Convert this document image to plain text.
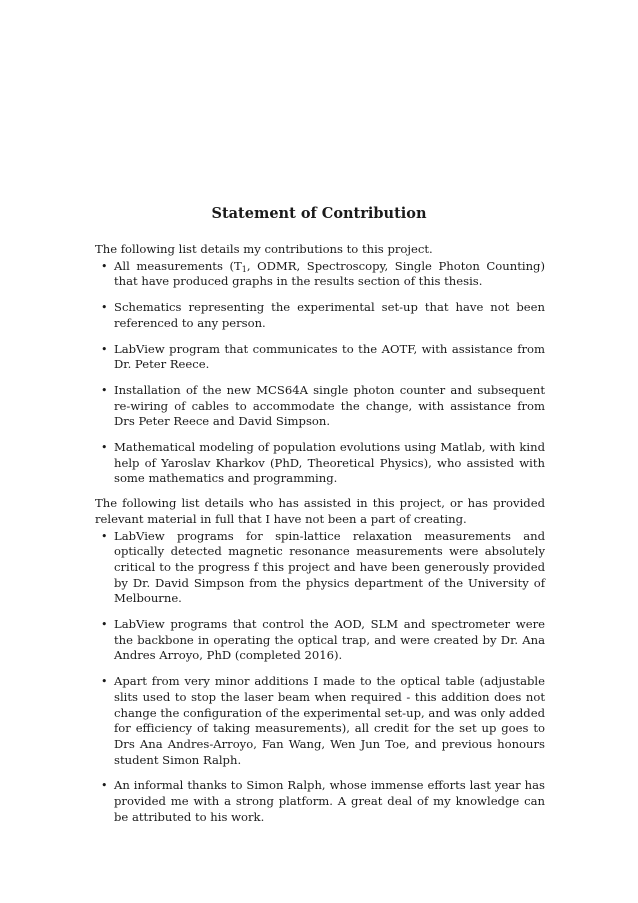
Statement of Contribution

The following list details my contributions to this project.

• All measurements ($T_1$, ODMR, Spectroscopy, Single Photon Counting) that have produced graphs in the results section of this thesis.
• Schematics representing the experimental set-up that have not been referenced to any person.
• LabView program that communicates to the AOTF, with assistance from Dr. Peter Reece.
• Installation of the new MCS64A single photon counter and subsequent re-wiring of cables to accommodate the change, with assistance from Drs Peter Reece and David Simpson.
• Mathematical modeling of population evolutions using Matlab, with kind help of Yaroslav Kharkov (PhD, Theoretical Physics), who assisted with some mathematics and programming.

The following list details who has assisted in this project, or has provided relevant material in full that I have not been a part of creating.

• LabView programs for spin-lattice relaxation measurements and optically detected magnetic resonance measurements were absolutely critical to the progress f this project and have been generously provided by Dr. David Simpson from the physics department of the University of Melbourne.
• LabView programs that control the AOD, SLM and spectrometer were the backbone in operating the optical trap, and were created by Dr. Ana Andres Arroyo, PhD (completed 2016).
• Apart from very minor additions I made to the optical table (adjustable slits used to stop the laser beam when required - this addition does not change the configuration of the experimental set-up, and was only added for efficiency of taking measurements), all credit for the set up goes to Drs Ana Andres-Arroyo, Fan Wang, Wen Jun Toe, and previous honours student Simon Ralph.
• An informal thanks to Simon Ralph, whose immense efforts last year has provided me with a strong platform. A great deal of my knowledge can be attributed to his work.
